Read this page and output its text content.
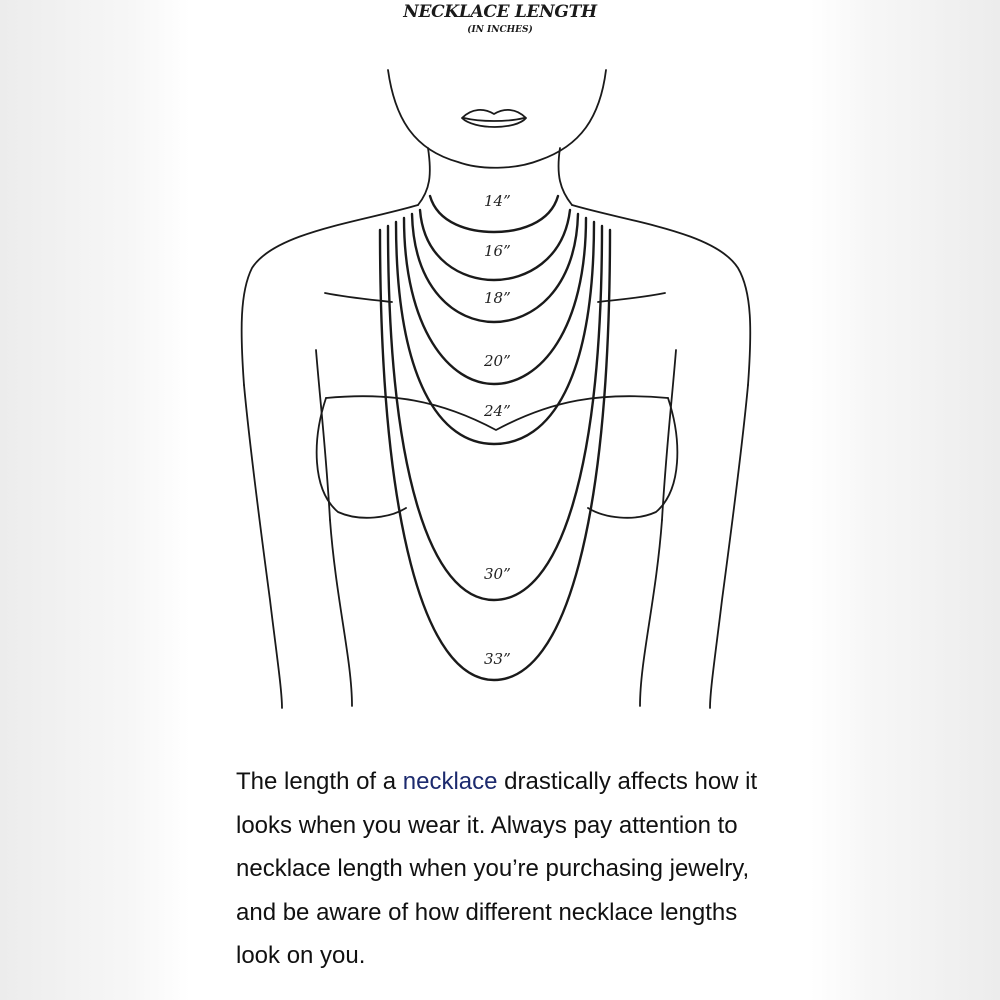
NECKLACE LENGTH
(IN INCHES)
14”
16”
18”
20”
24”
30”
33”
The length of a necklace drastically affects how it looks when you wear it. Always pay attention to necklace length when you’re purchasing jewelry, and be aware of how different necklace lengths look on you.
